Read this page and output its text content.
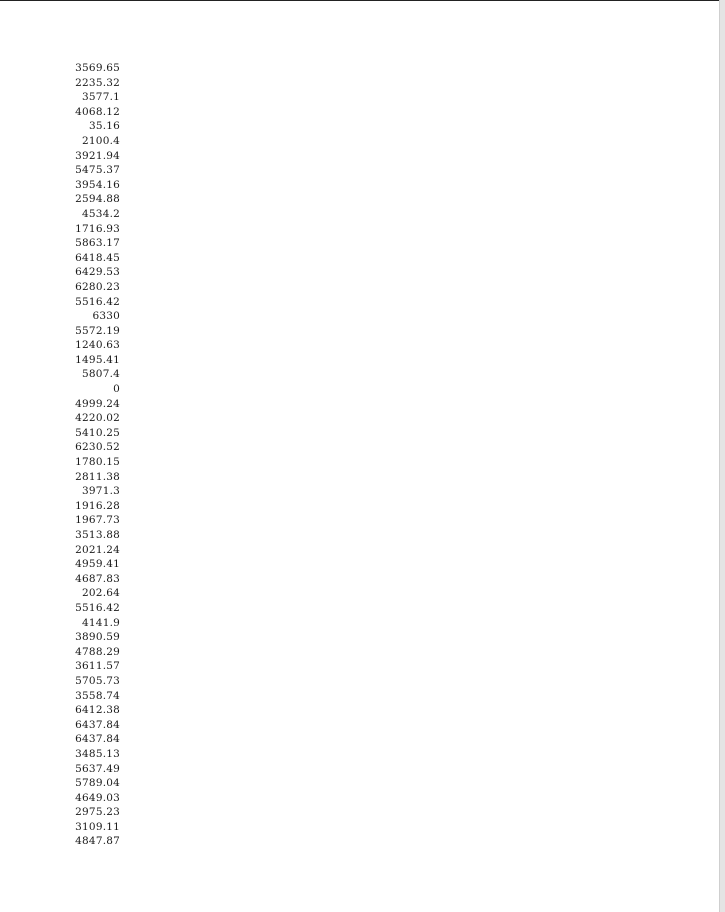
3569.65
2235.32
3577.1
4068.12
35.16
2100.4
3921.94
5475.37
3954.16
2594.88
4534.2
1716.93
5863.17
6418.45
6429.53
6280.23
5516.42
6330
5572.19
1240.63
1495.41
5807.4
0
4999.24
4220.02
5410.25
6230.52
1780.15
2811.38
3971.3
1916.28
1967.73
3513.88
2021.24
4959.41
4687.83
202.64
5516.42
4141.9
3890.59
4788.29
3611.57
5705.73
3558.74
6412.38
6437.84
6437.84
3485.13
5637.49
5789.04
4649.03
2975.23
3109.11
4847.87
